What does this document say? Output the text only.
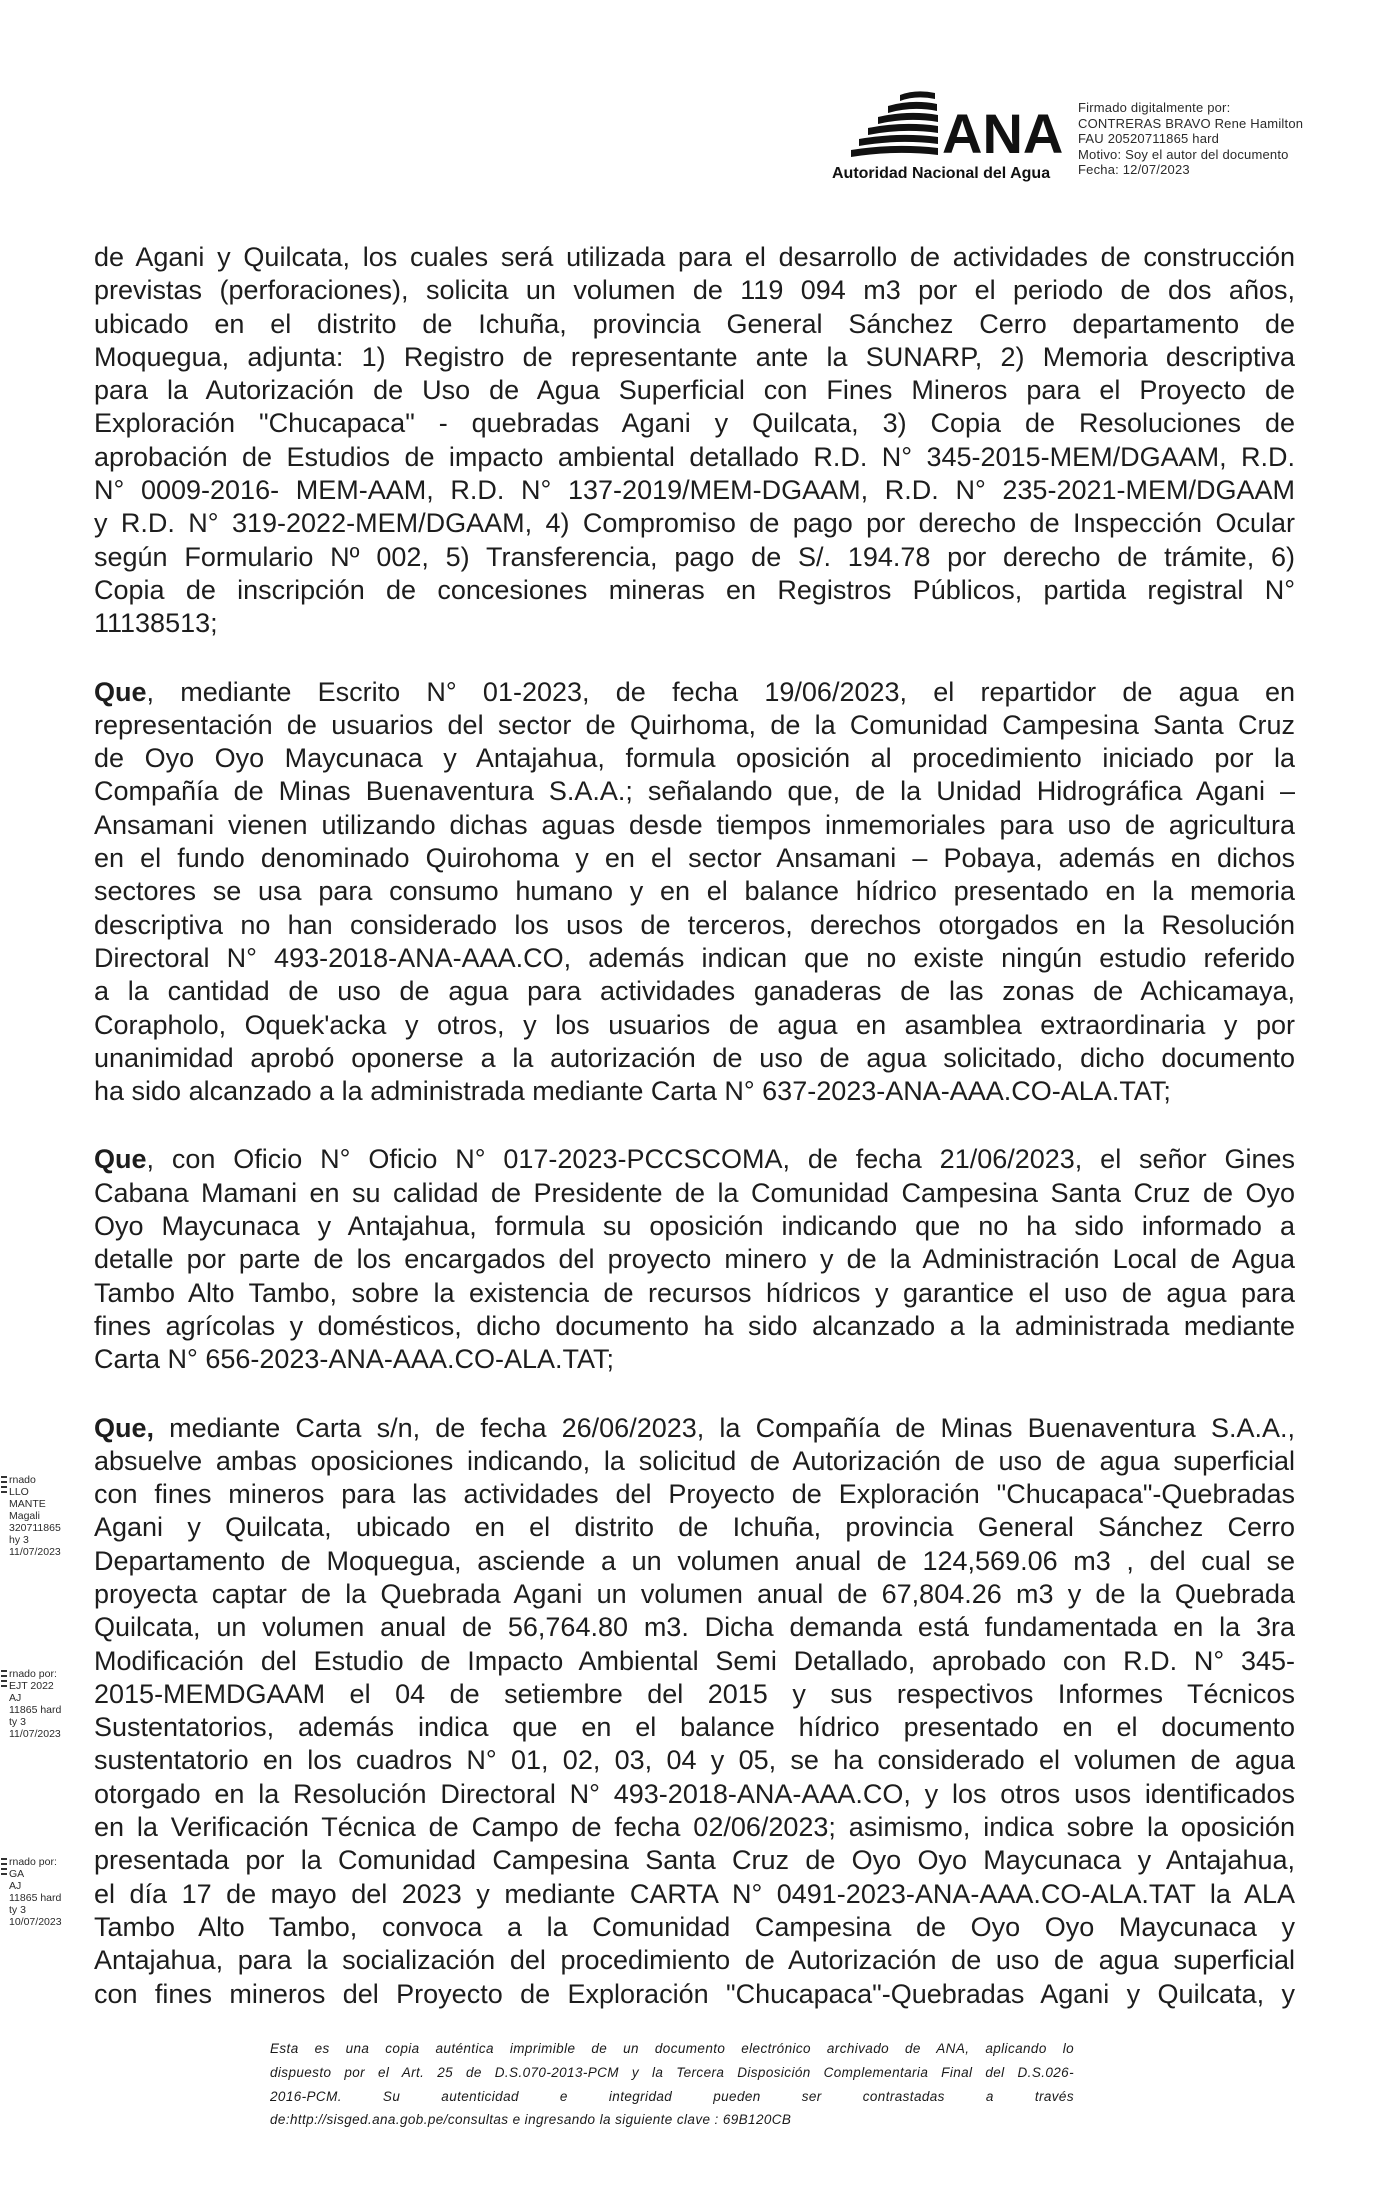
ANA
Autoridad Nacional del Agua
Firmado digitalmente por:
CONTRERAS BRAVO Rene Hamilton
FAU 20520711865 hard
Motivo: Soy el autor del documento
Fecha: 12/07/2023
rnado
LLO
MANTE
Magali
320711865
hy 3
11/07/2023
rnado por:
EJT 2022
AJ
11865 hard
ty 3
11/07/2023
rnado por:
GA
AJ
11865 hard
ty 3
10/07/2023
de Agani y Quilcata, los cuales será utilizada para el desarrollo de actividades de construcción
previstas (perforaciones), solicita un volumen de 119 094 m3 por el periodo de dos años,
ubicado en el distrito de Ichuña, provincia General Sánchez Cerro departamento de
Moquegua, adjunta: 1) Registro de representante ante la SUNARP, 2) Memoria descriptiva
para la Autorización de Uso de Agua Superficial con Fines Mineros para el Proyecto de
Exploración "Chucapaca" - quebradas Agani y Quilcata, 3) Copia de Resoluciones de
aprobación de Estudios de impacto ambiental detallado R.D. N° 345-2015-MEM/DGAAM, R.D.
N° 0009-2016- MEM-AAM, R.D. N° 137-2019/MEM-DGAAM, R.D. N° 235-2021-MEM/DGAAM
y R.D. N° 319-2022-MEM/DGAAM, 4) Compromiso de pago por derecho de Inspección Ocular
según Formulario Nº 002, 5) Transferencia, pago de S/. 194.78 por derecho de trámite, 6)
Copia de inscripción de concesiones mineras en Registros Públicos, partida registral N°
11138513;
Que, mediante Escrito N° 01-2023, de fecha 19/06/2023, el repartidor de agua en
representación de usuarios del sector de Quirhoma, de la Comunidad Campesina Santa Cruz
de Oyo Oyo Maycunaca y Antajahua, formula oposición al procedimiento iniciado por la
Compañía de Minas Buenaventura S.A.A.; señalando que, de la Unidad Hidrográfica Agani –
Ansamani vienen utilizando dichas aguas desde tiempos inmemoriales para uso de agricultura
en el fundo denominado Quirohoma y en el sector Ansamani – Pobaya, además en dichos
sectores se usa para consumo humano y en el balance hídrico presentado en la memoria
descriptiva no han considerado los usos de terceros, derechos otorgados en la Resolución
Directoral N° 493-2018-ANA-AAA.CO, además indican que no existe ningún estudio referido
a la cantidad de uso de agua para actividades ganaderas de las zonas de Achicamaya,
Corapholo, Oquek'acka y otros, y los usuarios de agua en asamblea extraordinaria y por
unanimidad aprobó oponerse a la autorización de uso de agua solicitado, dicho documento
ha sido alcanzado a la administrada mediante Carta N° 637-2023-ANA-AAA.CO-ALA.TAT;
Que, con Oficio N° Oficio N° 017-2023-PCCSCOMA, de fecha 21/06/2023, el señor Gines
Cabana Mamani en su calidad de Presidente de la Comunidad Campesina Santa Cruz de Oyo
Oyo Maycunaca y Antajahua, formula su oposición indicando que no ha sido informado a
detalle por parte de los encargados del proyecto minero y de la Administración Local de Agua
Tambo Alto Tambo, sobre la existencia de recursos hídricos y garantice el uso de agua para
fines agrícolas y domésticos, dicho documento ha sido alcanzado a la administrada mediante
Carta N° 656-2023-ANA-AAA.CO-ALA.TAT;
Que, mediante Carta s/n, de fecha 26/06/2023, la Compañía de Minas Buenaventura S.A.A.,
absuelve ambas oposiciones indicando, la solicitud de Autorización de uso de agua superficial
con fines mineros para las actividades del Proyecto de Exploración "Chucapaca"-Quebradas
Agani y Quilcata, ubicado en el distrito de Ichuña, provincia General Sánchez Cerro
Departamento de Moquegua, asciende a un volumen anual de 124,569.06 m3 , del cual se
proyecta captar de la Quebrada Agani un volumen anual de 67,804.26 m3 y de la Quebrada
Quilcata, un volumen anual de 56,764.80 m3. Dicha demanda está fundamentada en la 3ra
Modificación del Estudio de Impacto Ambiental Semi Detallado, aprobado con R.D. N° 345-
2015-MEMDGAAM el 04 de setiembre del 2015 y sus respectivos Informes Técnicos
Sustentatorios, además indica que en el balance hídrico presentado en el documento
sustentatorio en los cuadros N° 01, 02, 03, 04 y 05, se ha considerado el volumen de agua
otorgado en la Resolución Directoral N° 493-2018-ANA-AAA.CO, y los otros usos identificados
en la Verificación Técnica de Campo de fecha 02/06/2023; asimismo, indica sobre la oposición
presentada por la Comunidad Campesina Santa Cruz de Oyo Oyo Maycunaca y Antajahua,
el día 17 de mayo del 2023 y mediante CARTA N° 0491-2023-ANA-AAA.CO-ALA.TAT la ALA
Tambo Alto Tambo, convoca a la Comunidad Campesina de Oyo Oyo Maycunaca y
Antajahua, para la socialización del procedimiento de Autorización de uso de agua superficial
con fines mineros del Proyecto de Exploración "Chucapaca"-Quebradas Agani y Quilcata, y
Esta es una copia auténtica imprimible de un documento electrónico archivado de ANA, aplicando lo
dispuesto por el Art. 25 de D.S.070-2013-PCM y la Tercera Disposición Complementaria Final del D.S.026-
2016-PCM. Su autenticidad e integridad pueden ser contrastadas a través
de:http://sisged.ana.gob.pe/consultas e ingresando la siguiente clave : 69B120CB
